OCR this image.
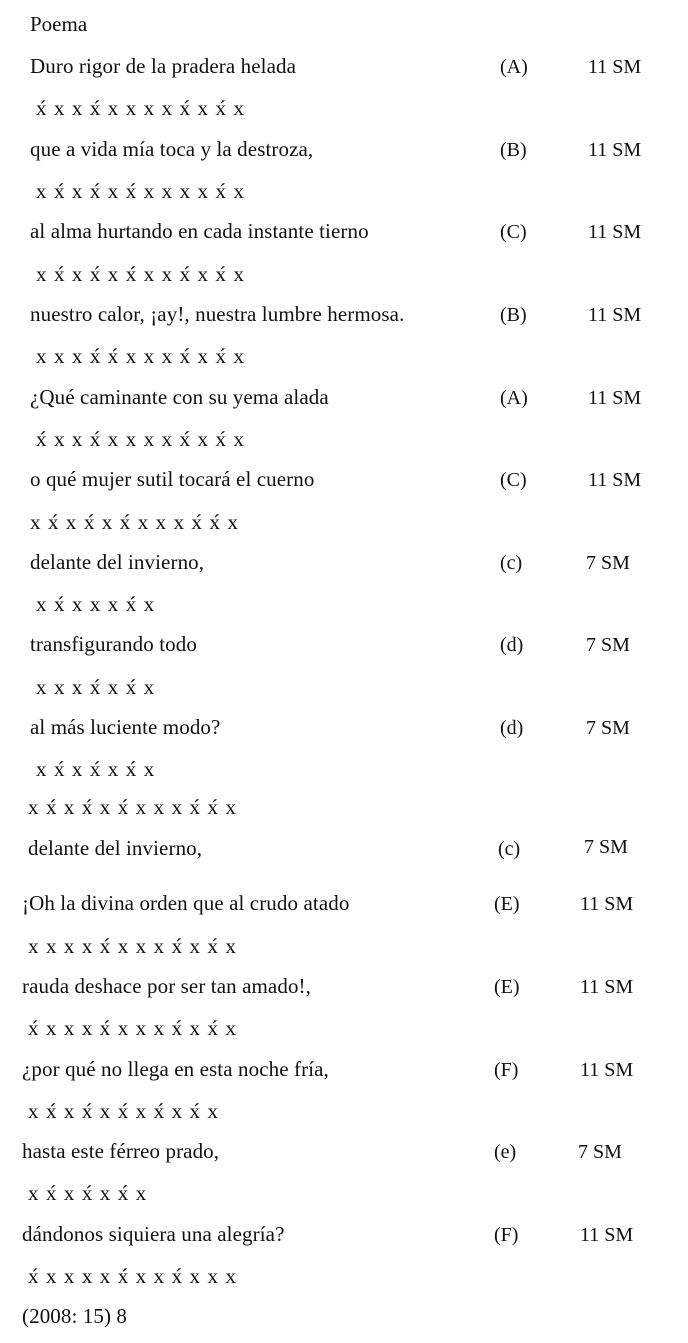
Poema
Duro rigor de la pradera helada	(A)	11 SM
x́ x x x́ x x x x x́ x x́ x
que a vida mía toca y la destroza,	(B)	11 SM
x x́ x x́ x x́ x x x x x́ x
al alma hurtando en cada instante tierno	(C)	11 SM
x x́ x x́ x x́ x x x́ x x́ x
nuestro calor, ¡ay!, nuestra lumbre hermosa.	(B)	11 SM
x x x x́ x́ x x x x́ x x́ x
¿Qué caminante con su yema alada	(A)	11 SM
x́ x x x́ x x x x x́ x x́ x
o qué mujer sutil tocará el cuerno	(C)	11 SM
x x́ x x́ x x́ x x x x́ x́ x
delante del invierno,	(c)	7 SM
x x́ x x x x́ x
transfigurando todo	(d)	7 SM
x x x x́ x x́ x
al más luciente modo?	(d)	7 SM
x x́ x x́ x x́ x
x x́ x x́ x x́ x x x x́ x́ x
delante del invierno,	(c)	7 SM
¡Oh la divina orden que al crudo atado	(E)	11 SM
x x x x x́ x x x x́ x x́ x
rauda deshace por ser tan amado!,	(E)	11 SM
x́ x x x x́ x x x x́ x x́ x
¿por qué no llega en esta noche fría,	(F)	11 SM
x x́ x x́ x x́ x x́ x x́ x
hasta este férreo prado,	(e)	7 SM
x x́ x x́ x x́ x
dándonos siquiera una alegría?	(F)	11 SM
x́ x x x x x́ x x x́ x x x
(2008: 15) 8
